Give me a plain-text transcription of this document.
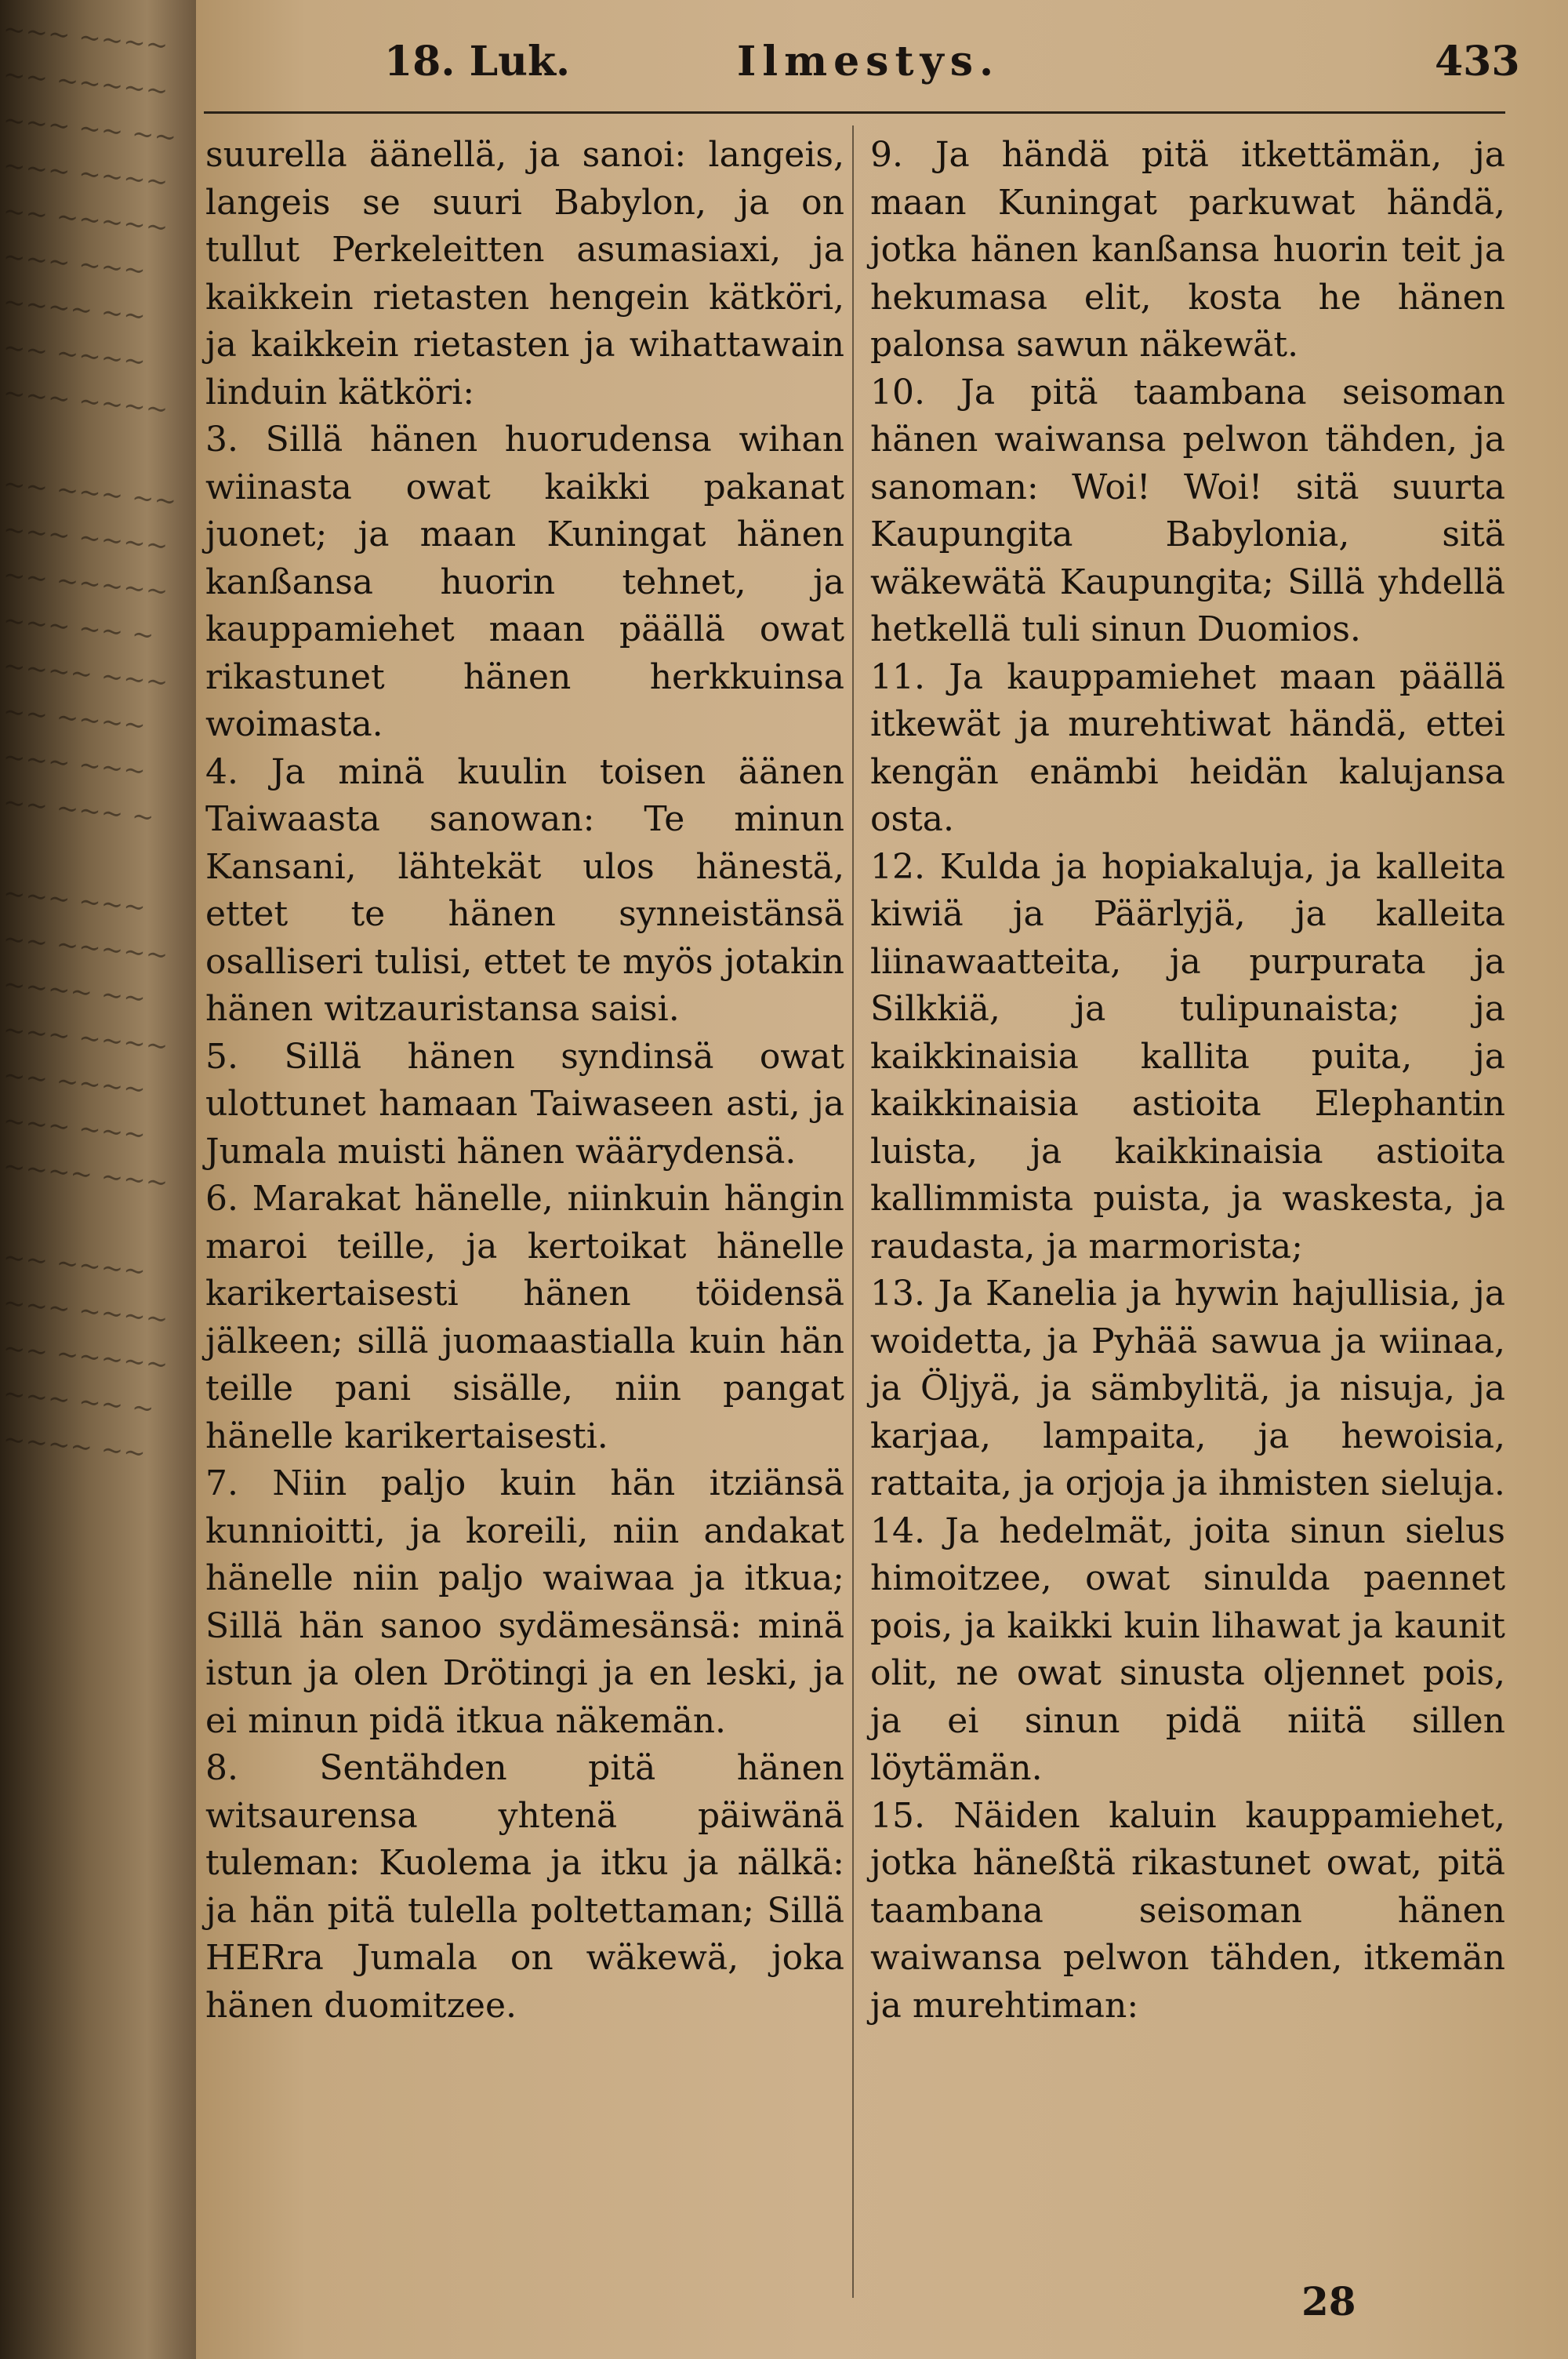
~~~ ~~~~
~~ ~~~~~
~~~ ~~ ~~
~~~ ~~~~
~~ ~~~~~
~~~ ~~~
~~~~ ~~
~~ ~~~~
~~~ ~~~~

~~ ~~~ ~~
~~~ ~~~~
~~ ~~~~~
~~~ ~~ ~
~~~~ ~~~
~~ ~~~~
~~~ ~~~
~~ ~~~ ~

~~~ ~~~
~~ ~~~~~
~~~~ ~~
~~~ ~~~~
~~ ~~~~
~~~ ~~~
~~~~ ~~~

~~ ~~~~
~~~ ~~~~
~~ ~~~~~
~~~ ~~ ~
~~~~ ~~
18. Luk.	Ilmestys.	433

suurella äänellä, ja sanoi: langeis, langeis se suuri Babylon, ja on tullut Perkeleitten asumasiaxi, ja kaikkein rietasten hengein kätköri, ja kaikkein rietasten ja wihattawain linduin kätköri:

3. Sillä hänen huorudensa wihan wiinasta owat kaikki pakanat juonet; ja maan Kuningat hänen kanßansa huorin tehnet, ja kauppamiehet maan päällä owat rikastunet hänen herkkuinsa woimasta.

4. Ja minä kuulin toisen äänen Taiwaasta sanowan: Te minun Kansani, lähtekät ulos hänestä, ettet te hänen synneistänsä osalliseri tulisi, ettet te myös jotakin hänen witzauristansa saisi.

5. Sillä hänen syndinsä owat ulottunet hamaan Taiwaseen asti, ja Jumala muisti hänen wäärydensä.

6. Marakat hänelle, niinkuin hängin maroi teille, ja kertoikat hänelle karikertaisesti hänen töidensä jälkeen; sillä juomaastialla kuin hän teille pani sisälle, niin pangat hänelle karikertaisesti.

7. Niin paljo kuin hän itziänsä kunnioitti, ja koreili, niin andakat hänelle niin paljo waiwaa ja itkua; Sillä hän sanoo sydämesänsä: minä istun ja olen Drötingi ja en leski, ja ei minun pidä itkua näkemän.

8. Sentähden pitä hänen witsaurensa yhtenä päiwänä tuleman: Kuolema ja itku ja nälkä: ja hän pitä tulella poltettaman; Sillä HERra Jumala on wäkewä, joka hänen duomitzee.

9. Ja händä pitä itkettämän, ja maan Kuningat parkuwat händä, jotka hänen kanßansa huorin teit ja hekumasa elit, kosta he hänen palonsa sawun näkewät.

10. Ja pitä taambana seisoman hänen waiwansa pelwon tähden, ja sanoman: Woi! Woi! sitä suurta Kaupungita Babylonia, sitä wäkewätä Kaupungita; Sillä yhdellä hetkellä tuli sinun Duomios.

11. Ja kauppamiehet maan päällä itkewät ja murehtiwat händä, ettei kengän enämbi heidän kalujansa osta.

12. Kulda ja hopiakaluja, ja kalleita kiwiä ja Päärlyjä, ja kalleita liinawaatteita, ja purpurata ja Silkkiä, ja tulipunaista; ja kaikkinaisia kallita puita, ja kaikkinaisia astioita Elephantin luista, ja kaikkinaisia astioita kallimmista puista, ja waskesta, ja raudasta, ja marmorista;

13. Ja Kanelia ja hywin hajullisia, ja woidetta, ja Pyhää sawua ja wiinaa, ja Öljyä, ja sämbylitä, ja nisuja, ja karjaa, lampaita, ja hewoisia, rattaita, ja orjoja ja ihmisten sieluja.

14. Ja hedelmät, joita sinun sielus himoitzee, owat sinulda paennet pois, ja kaikki kuin lihawat ja kaunit olit, ne owat sinusta oljennet pois, ja ei sinun pidä niitä sillen löytämän.

15. Näiden kaluin kauppamiehet, jotka häneßtä rikastunet owat, pitä taambana seisoman hänen waiwansa pelwon tähden, itkemän ja murehtiman:

28
